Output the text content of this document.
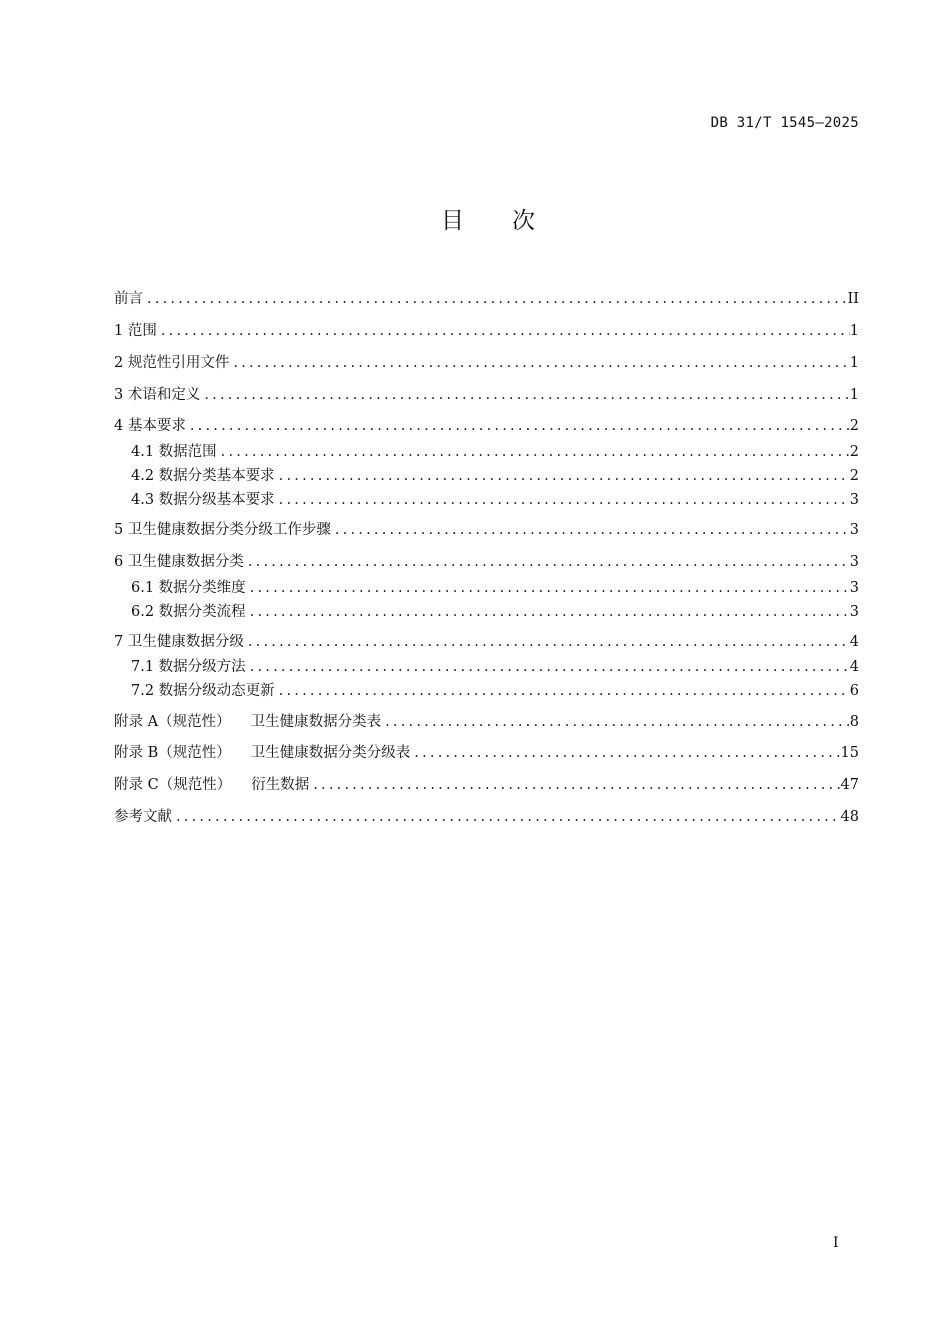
DB 31/T 1545—2025
目 次
前言 .....	II
1 范围 .....	1
2 规范性引用文件 .....	1
3 术语和定义 .....	1
4 基本要求 .....	2
4.1 数据范围 .....	2
4.2 数据分类基本要求 .....	2
4.3 数据分级基本要求 .....	3
5 卫生健康数据分类分级工作步骤 .....	3
6 卫生健康数据分类 .....	3
6.1 数据分类维度 .....	3
6.2 数据分类流程 .....	3
7 卫生健康数据分级 .....	4
7.1 数据分级方法 .....	4
7.2 数据分级动态更新 .....	6
附录 A（规范性） 卫生健康数据分类表 .....	8
附录 B（规范性） 卫生健康数据分类分级表 .....	15
附录 C（规范性） 衍生数据 .....	47
参考文献 .....	48
I
